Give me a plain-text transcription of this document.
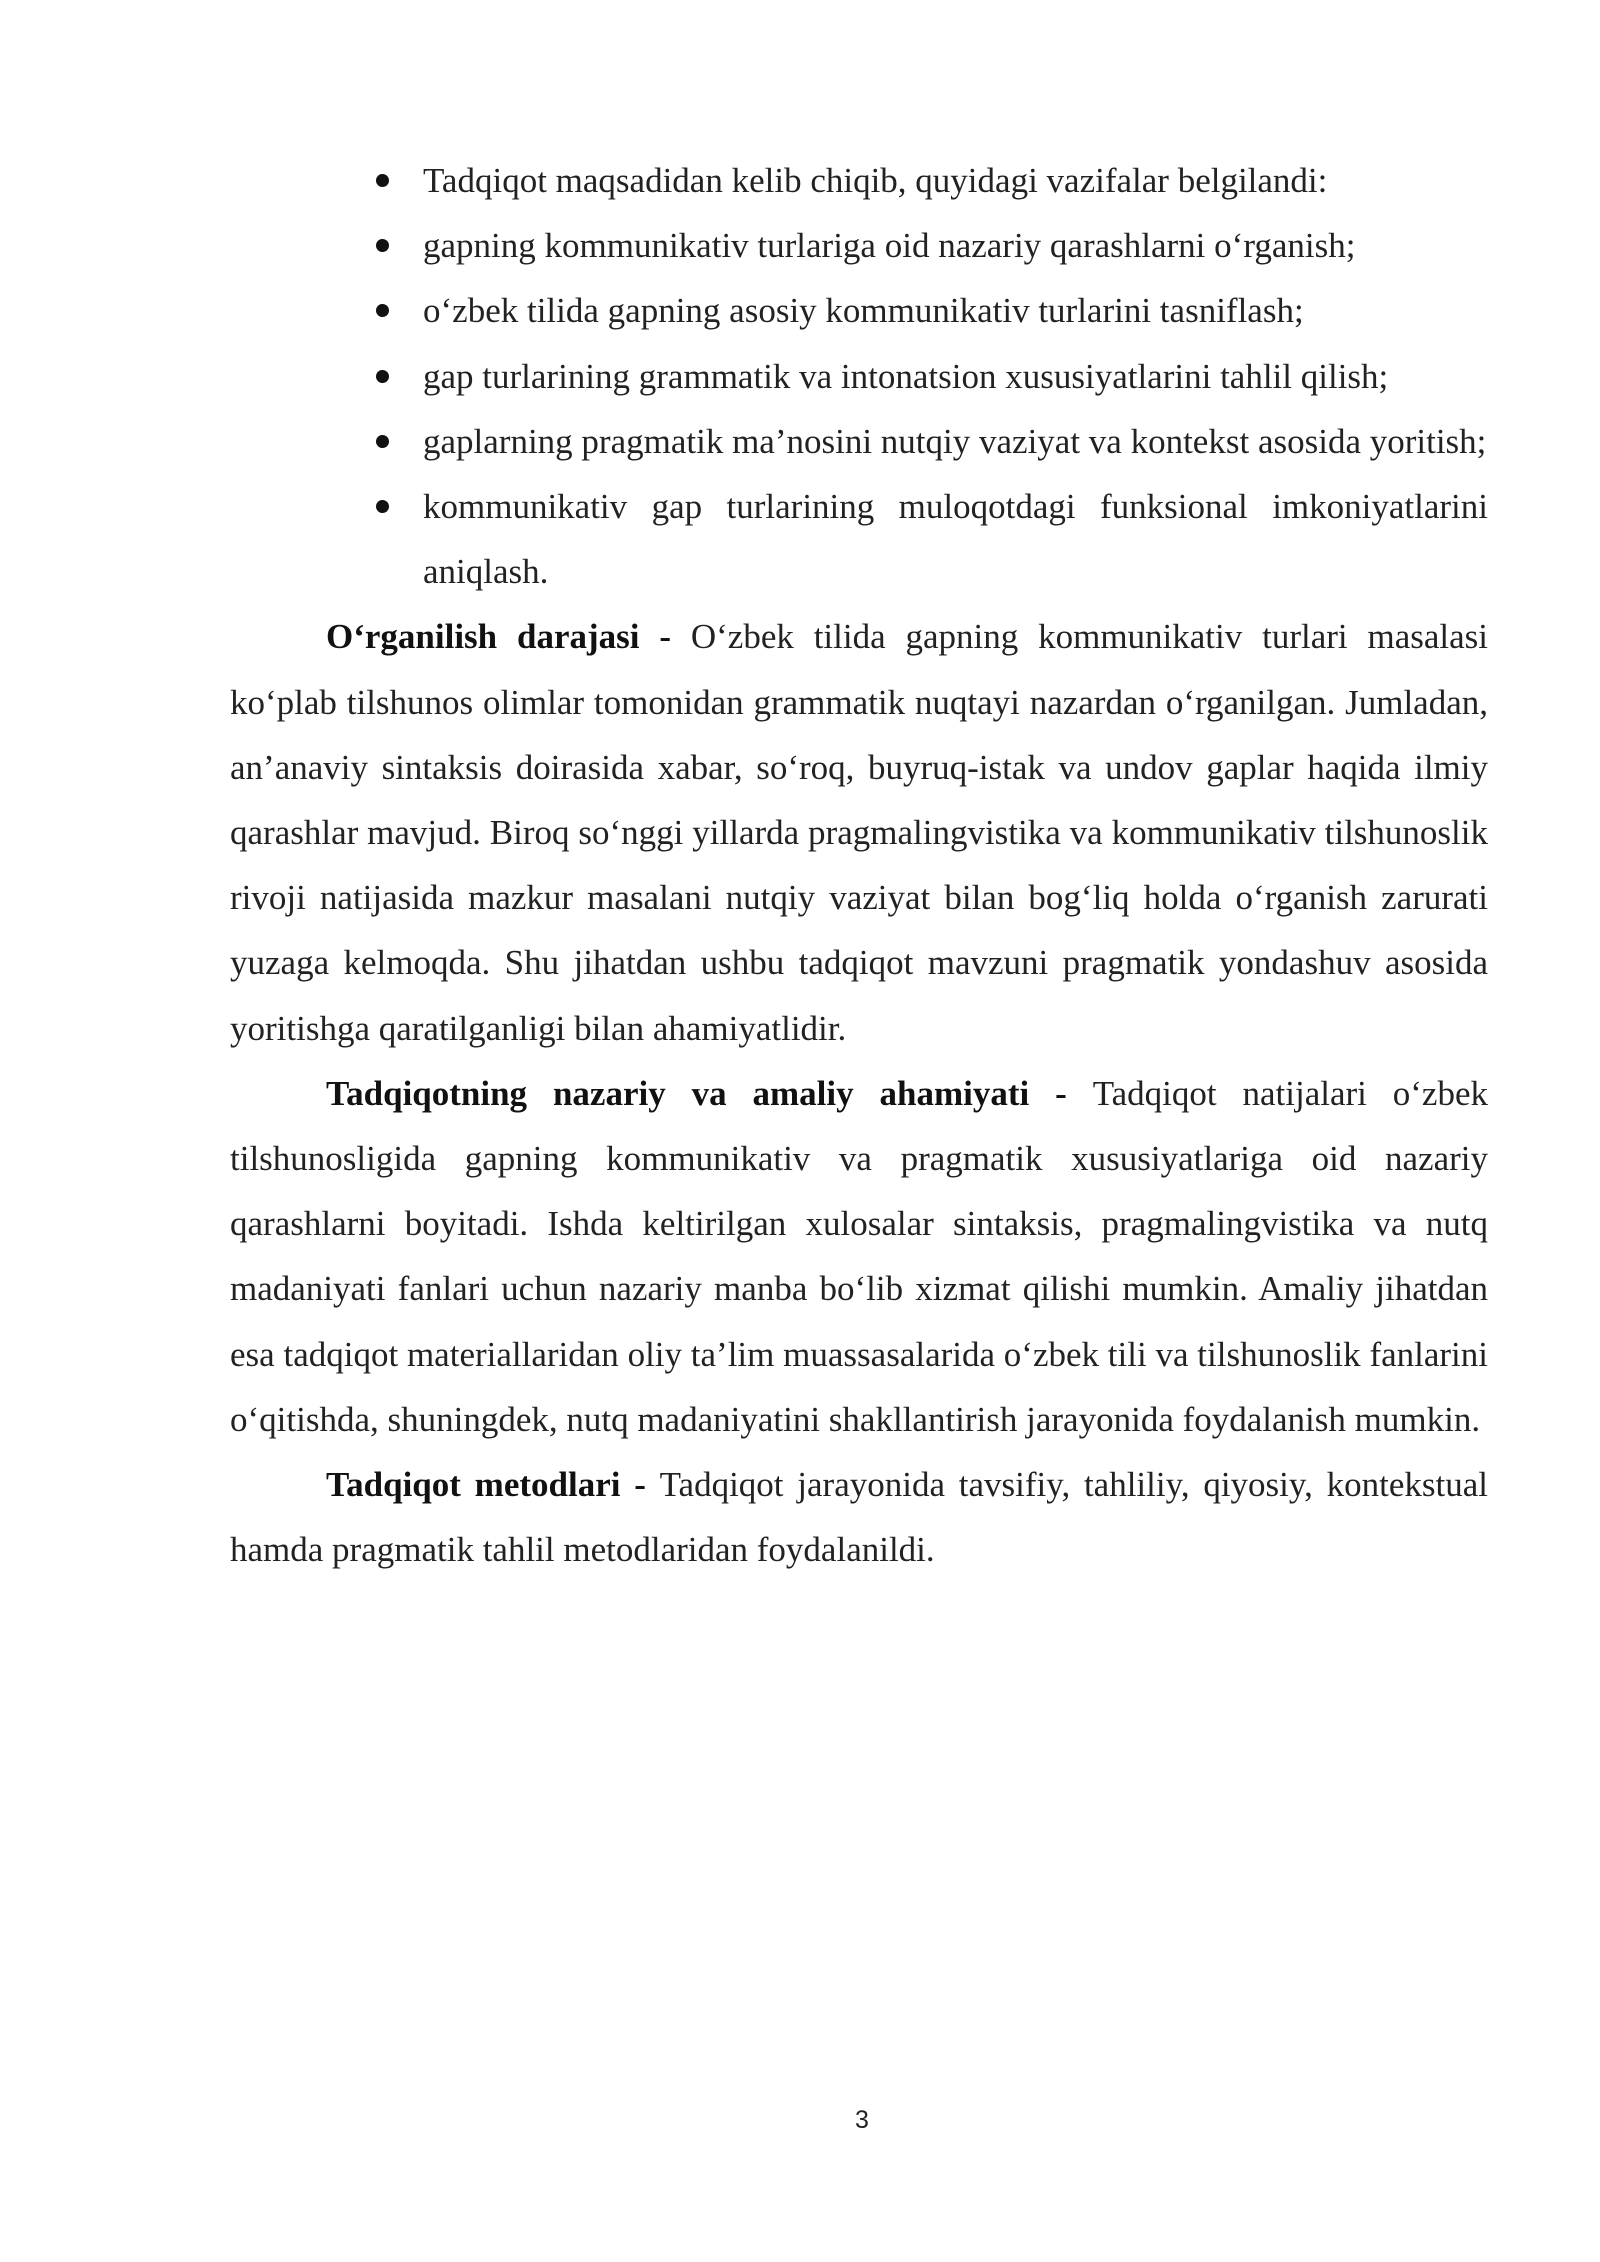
Tadqiqot maqsadidan kelib chiqib, quyidagi vazifalar belgilandi:
gapning kommunikativ turlariga oid nazariy qarashlarni o‘rganish;
o‘zbek tilida gapning asosiy kommunikativ turlarini tasniflash;
gap turlarining grammatik va intonatsion xususiyatlarini tahlil qilish;
gaplarning pragmatik ma’nosini nutqiy vaziyat va kontekst asosida yoritish;
kommunikativ gap turlarining muloqotdagi funksional imkoniyatlarini aniqlash.

O‘rganilish darajasi - O‘zbek tilida gapning kommunikativ turlari masalasi ko‘plab tilshunos olimlar tomonidan grammatik nuqtayi nazardan o‘rganilgan. Jumladan, an’anaviy sintaksis doirasida xabar, so‘roq, buyruq-istak va undov gaplar haqida ilmiy qarashlar mavjud. Biroq so‘nggi yillarda pragmalingvistika va kommunikativ tilshunoslik rivoji natijasida mazkur masalani nutqiy vaziyat bilan bog‘liq holda o‘rganish zarurati yuzaga kelmoqda. Shu jihatdan ushbu tadqiqot mavzuni pragmatik yondashuv asosida yoritishga qaratilganligi bilan ahamiyatlidir.

Tadqiqotning nazariy va amaliy ahamiyati - Tadqiqot natijalari o‘zbek tilshunosligida gapning kommunikativ va pragmatik xususiyatlariga oid nazariy qarashlarni boyitadi. Ishda keltirilgan xulosalar sintaksis, pragmalingvistika va nutq madaniyati fanlari uchun nazariy manba bo‘lib xizmat qilishi mumkin. Amaliy jihatdan esa tadqiqot materiallaridan oliy ta’lim muassasalarida o‘zbek tili va tilshunoslik fanlarini o‘qitishda, shuningdek, nutq madaniyatini shakllantirish jarayonida foydalanish mumkin.

Tadqiqot metodlari - Tadqiqot jarayonida tavsifiy, tahliliy, qiyosiy, kontekstual hamda pragmatik tahlil metodlaridan foydalanildi.

3
